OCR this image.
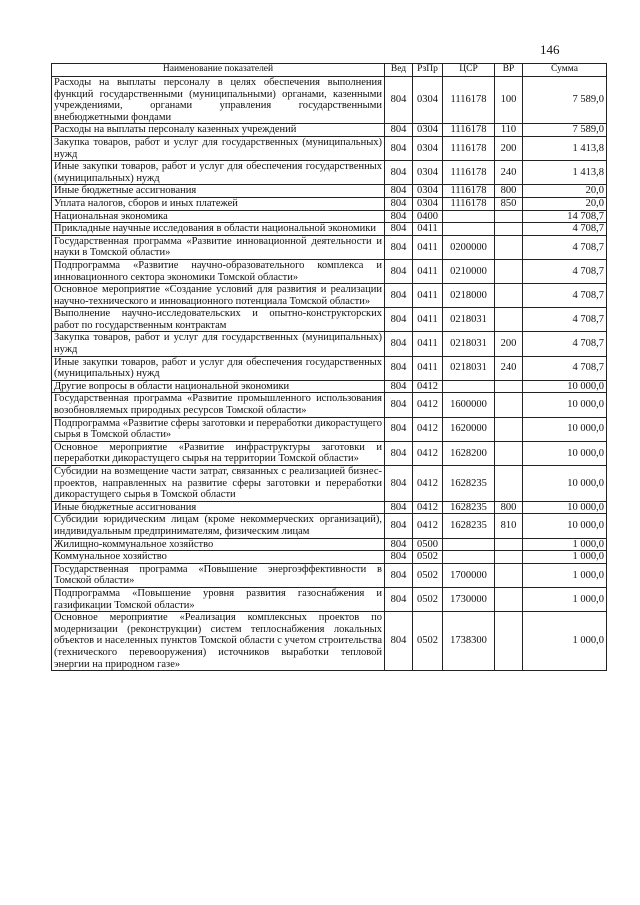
146
Наименование показателей	Вед	РзПр	ЦСР	ВР	Сумма
Расходы на выплаты персоналу в целях обеспечения выполнения функций государственными (муниципальными) органами, казенными учреждениями, органами управления государственными внебюджетными фондами	804	0304	1116178	100	7 589,0
Расходы на выплаты персоналу казенных учреждений	804	0304	1116178	110	7 589,0
Закупка товаров, работ и услуг для государственных (муниципальных) нужд	804	0304	1116178	200	1 413,8
Иные закупки товаров, работ и услуг для обеспечения государственных (муниципальных) нужд	804	0304	1116178	240	1 413,8
Иные бюджетные ассигнования	804	0304	1116178	800	20,0
Уплата налогов, сборов и иных платежей	804	0304	1116178	850	20,0
Национальная экономика	804	0400			14 708,7
Прикладные научные исследования в области национальной экономики	804	0411			4 708,7
Государственная программа «Развитие инновационной деятельности и науки в Томской области»	804	0411	0200000		4 708,7
Подпрограмма «Развитие научно-образовательного комплекса и инновационного сектора экономики Томской области»	804	0411	0210000		4 708,7
Основное мероприятие «Создание условий для развития и реализации научно-технического и инновационного потенциала Томской области»	804	0411	0218000		4 708,7
Выполнение научно-исследовательских и опытно-конструкторских работ по государственным контрактам	804	0411	0218031		4 708,7
Закупка товаров, работ и услуг для государственных (муниципальных) нужд	804	0411	0218031	200	4 708,7
Иные закупки товаров, работ и услуг для обеспечения государственных (муниципальных) нужд	804	0411	0218031	240	4 708,7
Другие вопросы в области национальной экономики	804	0412			10 000,0
Государственная программа «Развитие промышленного использования возобновляемых природных ресурсов Томской области»	804	0412	1600000		10 000,0
Подпрограмма «Развитие сферы заготовки и переработки дикорастущего сырья в Томской области»	804	0412	1620000		10 000,0
Основное мероприятие «Развитие инфраструктуры заготовки и переработки дикорастущего сырья на территории Томской области»	804	0412	1628200		10 000,0
Субсидии на возмещение части затрат, связанных с реализацией бизнес-проектов, направленных на развитие сферы заготовки и переработки дикорастущего сырья в Томской области	804	0412	1628235		10 000,0
Иные бюджетные ассигнования	804	0412	1628235	800	10 000,0
Субсидии юридическим лицам (кроме некоммерческих организаций), индивидуальным предпринимателям, физическим лицам	804	0412	1628235	810	10 000,0
Жилищно-коммунальное хозяйство	804	0500			1 000,0
Коммунальное хозяйство	804	0502			1 000,0
Государственная программа «Повышение энергоэффективности в Томской области»	804	0502	1700000		1 000,0
Подпрограмма «Повышение уровня развития газоснабжения и газификации Томской области»	804	0502	1730000		1 000,0
Основное мероприятие «Реализация комплексных проектов по модернизации (реконструкции) систем теплоснабжения локальных объектов и населенных пунктов Томской области с учетом строительства (технического перевооружения) источников выработки тепловой энергии на природном газе»	804	0502	1738300		1 000,0
